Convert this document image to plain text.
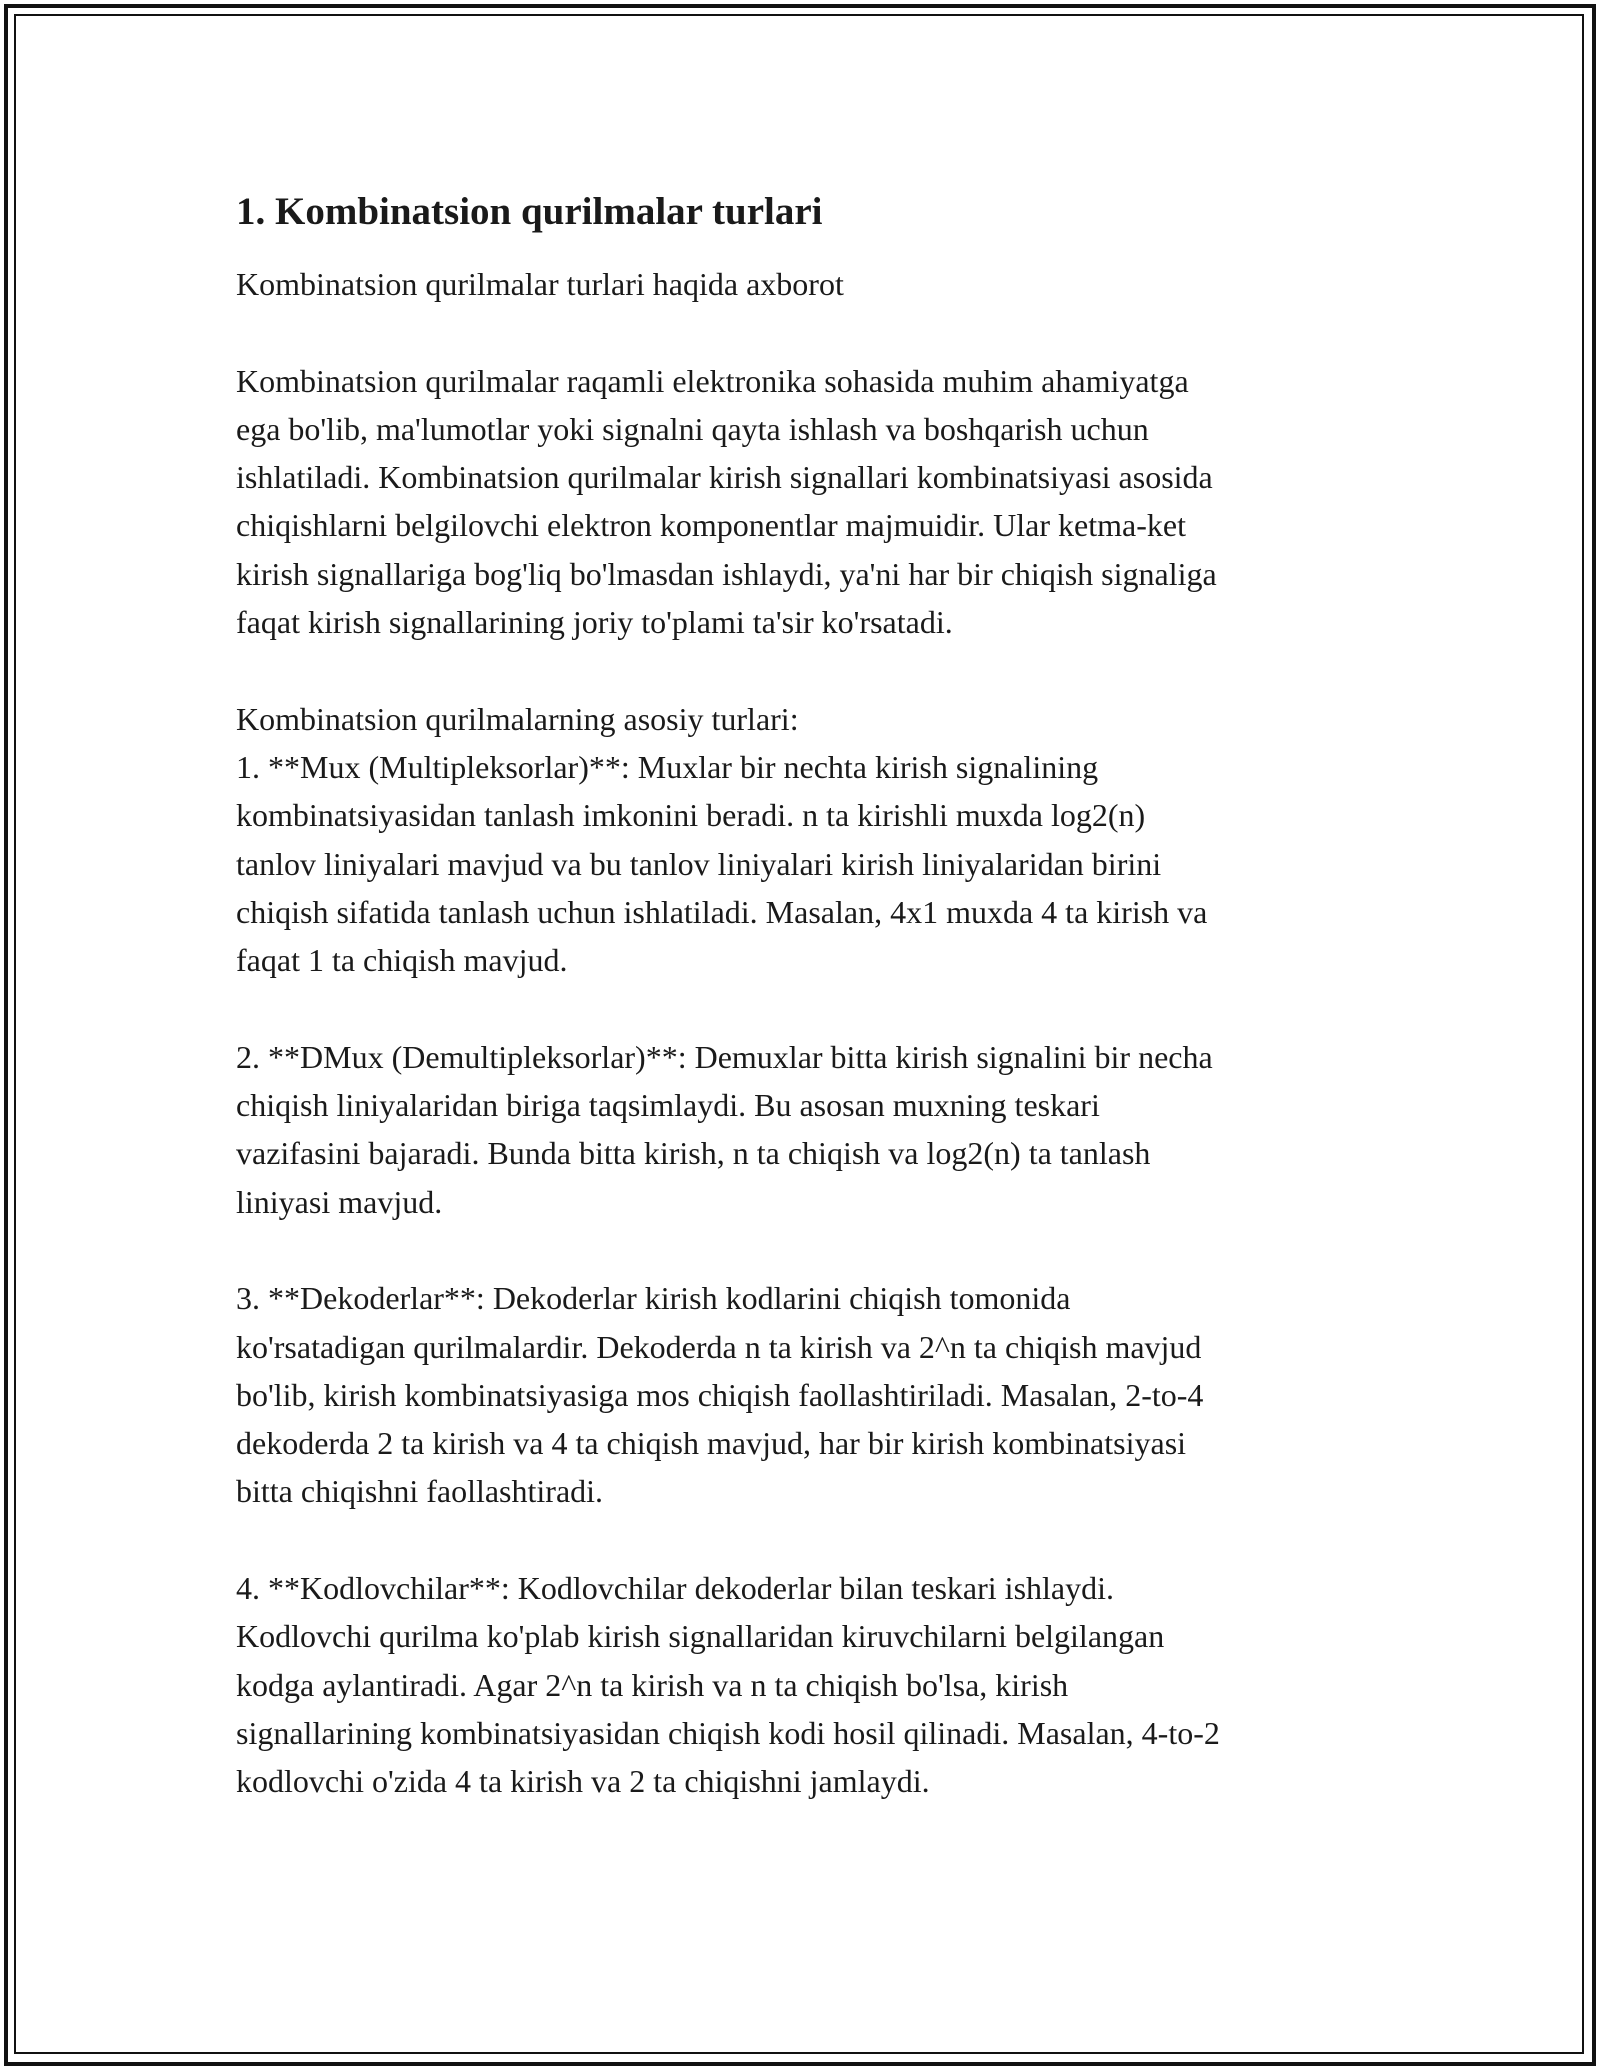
1. Kombinatsion qurilmalar turlari

Kombinatsion qurilmalar turlari haqida axborot

Kombinatsion qurilmalar raqamli elektronika sohasida muhim ahamiyatga
ega bo'lib, ma'lumotlar yoki signalni qayta ishlash va boshqarish uchun
ishlatiladi. Kombinatsion qurilmalar kirish signallari kombinatsiyasi asosida
chiqishlarni belgilovchi elektron komponentlar majmuidir. Ular ketma-ket
kirish signallariga bog'liq bo'lmasdan ishlaydi, ya'ni har bir chiqish signaliga
faqat kirish signallarining joriy to'plami ta'sir ko'rsatadi.

Kombinatsion qurilmalarning asosiy turlari:

1. **Mux (Multipleksorlar)**: Muxlar bir nechta kirish signalining
kombinatsiyasidan tanlash imkonini beradi. n ta kirishli muxda log2(n)
tanlov liniyalari mavjud va bu tanlov liniyalari kirish liniyalaridan birini
chiqish sifatida tanlash uchun ishlatiladi. Masalan, 4x1 muxda 4 ta kirish va
faqat 1 ta chiqish mavjud.

2. **DMux (Demultipleksorlar)**: Demuxlar bitta kirish signalini bir necha
chiqish liniyalaridan biriga taqsimlaydi. Bu asosan muxning teskari
vazifasini bajaradi. Bunda bitta kirish, n ta chiqish va log2(n) ta tanlash
liniyasi mavjud.

3. **Dekoderlar**: Dekoderlar kirish kodlarini chiqish tomonida
ko'rsatadigan qurilmalardir. Dekoderda n ta kirish va 2^n ta chiqish mavjud
bo'lib, kirish kombinatsiyasiga mos chiqish faollashtiriladi. Masalan, 2-to-4
dekoderda 2 ta kirish va 4 ta chiqish mavjud, har bir kirish kombinatsiyasi
bitta chiqishni faollashtiradi.

4. **Kodlovchilar**: Kodlovchilar dekoderlar bilan teskari ishlaydi.
Kodlovchi qurilma ko'plab kirish signallaridan kiruvchilarni belgilangan
kodga aylantiradi. Agar 2^n ta kirish va n ta chiqish bo'lsa, kirish
signallarining kombinatsiyasidan chiqish kodi hosil qilinadi. Masalan, 4-to-2
kodlovchi o'zida 4 ta kirish va 2 ta chiqishni jamlaydi.
